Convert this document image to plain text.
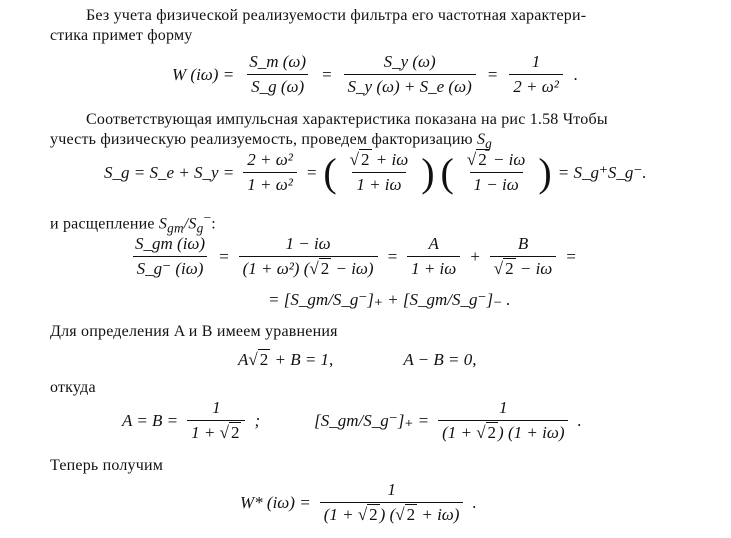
Без учета физической реализуемости фильтра его частотная характери-
стика примет форму
W $(i\omega) = \frac{S\_m (\omega)}{S\_g (\omega)} = \frac{S\_y (\omega)}{S\_y (\omega) + S\_e (\omega)} = \frac{1}{\text{2 + ω²}}$ .
Соответствующая импульсная характеристика показана на рис 1.58 Чтобы
учесть физическую реализуемость, проведем факторизацию $S_g$
S_g = S_e + S_y = $\frac{\text{2 + ω²}}{\text{1 + ω²}}$ = ( $\frac{√ 2 + i\omega}{1 + i\omega}$ ) ( $\frac{√ 2 - i\omega}{1 - i\omega}$ ) = S_g⁺S_g⁻.
и расщепление $S_{gm}/S_g^-$:
$\frac{S\_gm (i\omega)}{S\_g^- (i\omega)} = \frac{1 - i\omega}{\text{(1 + ω²) (√ 2 − iω)}} = \frac{A}{1 + i\omega} + \frac{B}{√ 2 - i\omega}$ =
= [S_gm/S_g⁻]₊ + [S_gm/S_g⁻]₋ .
Для определения A и B имеем уравнения
A√ 2 + B = 1,	A − B = 0,
откуда
$A = B = \frac{1}{1 + √ 2}$ ;	[S_gm/S_g⁻]₊ = $\frac{1}{(1 + √ 2 ) (1 + i\omega)}$ .
Теперь получим
W* $(i\omega) = \frac{1}{(1 + √ 2 ) (√ 2 + i\omega)}$ .
